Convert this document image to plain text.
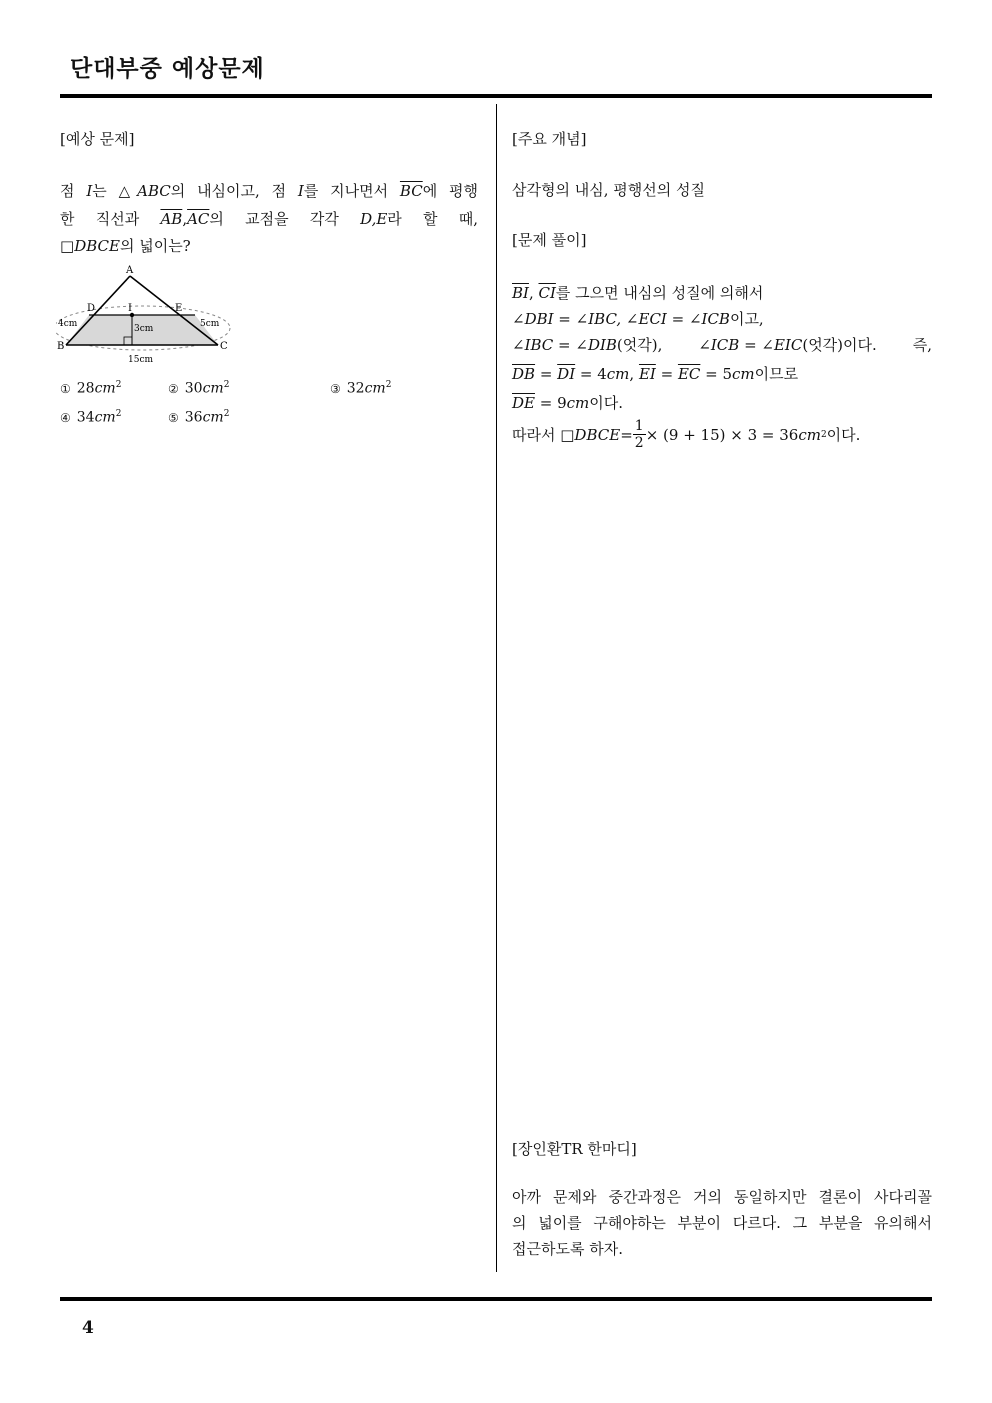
단대부중 예상문제
[예상 문제]
점 I는 △ABC의 내심이고, 점 I를 지나면서 $\overline{BC}$에 평행
한 직선과 $\overline{AB},\overline{AC}$의 교점을 각각 D,E라 할 때,
□DBCE의 넓이는?
A
D	I	E
B	C
4cm	5cm
3cm
15cm
① $28cm^2$	② $30cm^2$	③ $32cm^2$
④ $34cm^2$	⑤ $36cm^2$
[주요 개념]
삼각형의 내심, 평행선의 성질
[문제 풀이]
$\overline{BI}$, $\overline{CI}$를 그으면 내심의 성질에 의해서
∠DBI = ∠IBC, ∠ECI = ∠ICB이고,
∠IBC = ∠DIB(엇각), ∠ICB = ∠EIC(엇각)이다. 즉,
$\overline{DB} = \overline{DI} = 4cm$, $\overline{EI} = \overline{EC} = 5cm$이므로
$\overline{DE} = 9cm$이다.
따라서 □ DBCE = $\frac{1}{2} \times (9 + 15) \times 3 = 36$ cm 2 이다.
[장인환TR 한마디]
아까 문제와 중간과정은 거의 동일하지만 결론이 사다리꼴
의 넓이를 구해야하는 부분이 다르다. 그 부분을 유의해서
접근하도록 하자.
4
